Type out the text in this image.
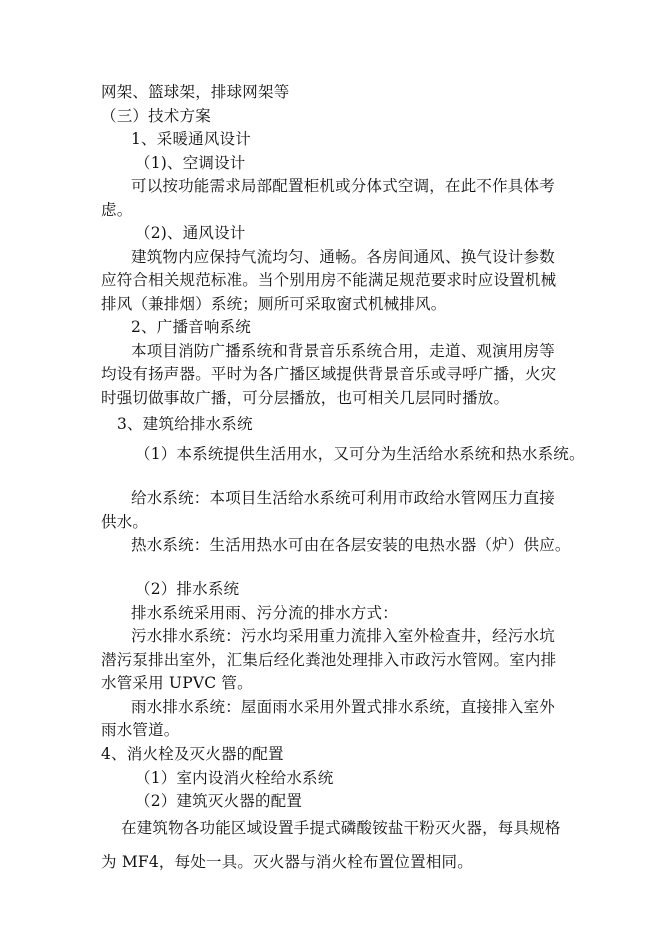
网架、篮球架，排球网架等
（三）技术方案
1、采暖通风设计
（1)、空调设计
可以按功能需求局部配置柜机或分体式空调，在此不作具体考
虑。
（2)、通风设计
建筑物内应保持气流均匀、通畅。各房间通风、换气设计参数
应符合相关规范标准。当个别用房不能满足规范要求时应设置机械
排风（兼排烟）系统；厕所可采取窗式机械排风。
2、广播音响系统
本项目消防广播系统和背景音乐系统合用，走道、观演用房等
均设有扬声器。平时为各广播区域提供背景音乐或寻呼广播，火灾
时强切做事故广播，可分层播放，也可相关几层同时播放。
3、建筑给排水系统
（1）本系统提供生活用水，又可分为生活给水系统和热水系统。
给水系统：本项目生活给水系统可利用市政给水管网压力直接
供水。
热水系统：生活用热水可由在各层安装的电热水器（炉）供应。
（2）排水系统
排水系统采用雨、污分流的排水方式：
污水排水系统：污水均采用重力流排入室外检查井，经污水坑
潜污泵排出室外，汇集后经化粪池处理排入市政污水管网。室内排
水管采用 UPVC 管。
雨水排水系统：屋面雨水采用外置式排水系统，直接排入室外
雨水管道。
4、消火栓及灭火器的配置
（1）室内设消火栓给水系统
（2）建筑灭火器的配置
在建筑物各功能区域设置手提式磷酸铵盐干粉灭火器，每具规格
为 MF4，每处一具。灭火器与消火栓布置位置相同。
